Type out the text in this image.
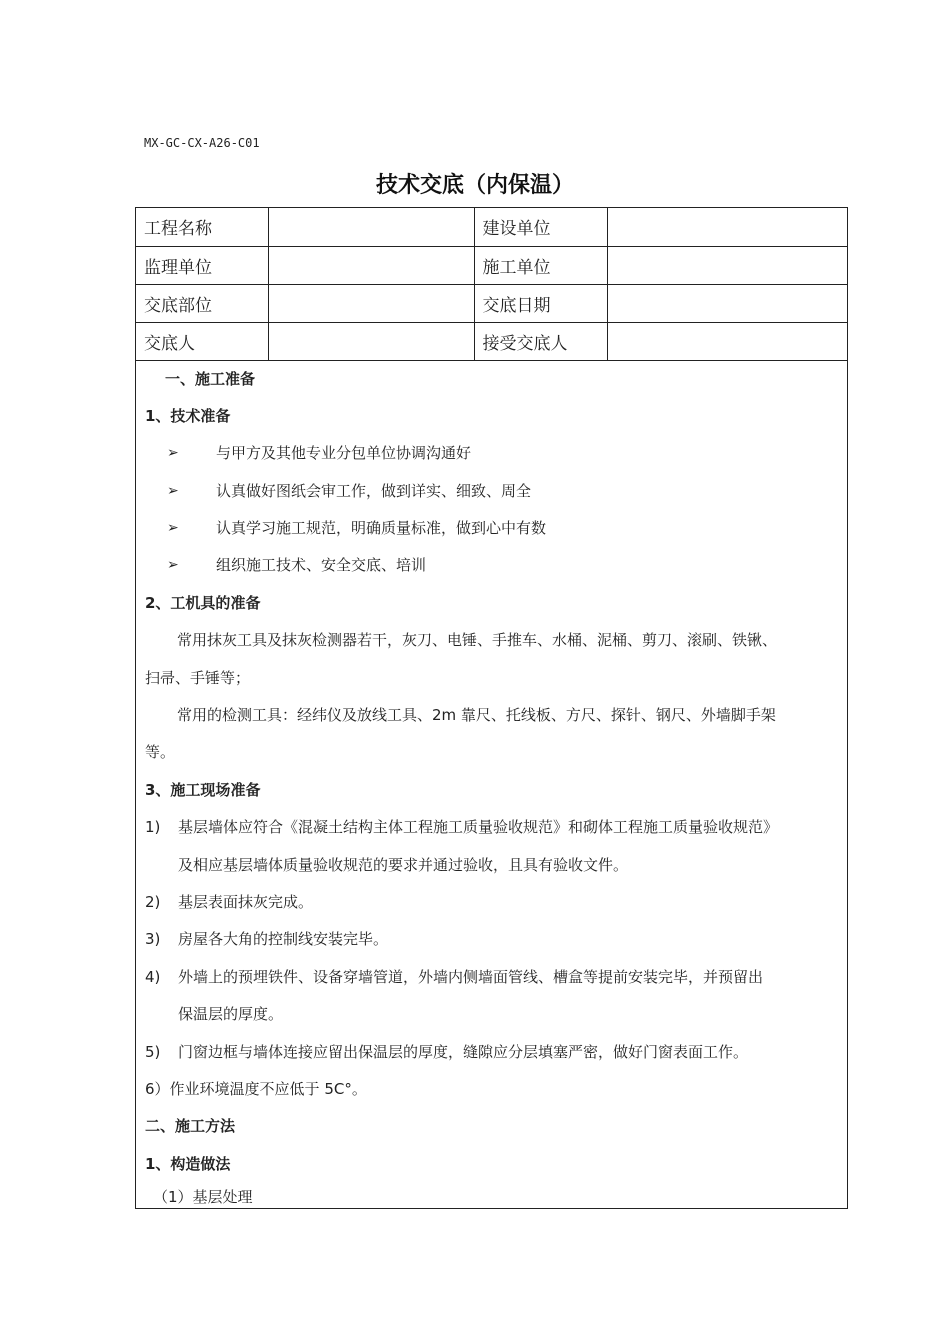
MX-GC-CX-A26-C01
技术交底（内保温）
工程名称		建设单位	
监理单位		施工单位	
交底部位		交底日期	
交底人		接受交底人	
一、施工准备
1、技术准备
➢ 与甲方及其他专业分包单位协调沟通好
➢ 认真做好图纸会审工作，做到详实、细致、周全
➢ 认真学习施工规范，明确质量标准，做到心中有数
➢ 组织施工技术、安全交底、培训
2、工机具的准备
常用抹灰工具及抹灰检测器若干，灰刀、电锤、手推车、水桶、泥桶、剪刀、滚刷、铁锹、
扫帚、手锤等；
常用的检测工具：经纬仪及放线工具、2m 靠尺、托线板、方尺、探针、钢尺、外墙脚手架
等。
3、施工现场准备
1) 基层墙体应符合《混凝土结构主体工程施工质量验收规范》和砌体工程施工质量验收规范》
及相应基层墙体质量验收规范的要求并通过验收，且具有验收文件。
2) 基层表面抹灰完成。
3) 房屋各大角的控制线安装完毕。
4) 外墙上的预埋铁件、设备穿墙管道，外墙内侧墙面管线、槽盒等提前安装完毕，并预留出
保温层的厚度。
5) 门窗边框与墙体连接应留出保温层的厚度，缝隙应分层填塞严密，做好门窗表面工作。
6）作业环境温度不应低于 5C°。
二、施工方法
1、构造做法
（1）基层处理
